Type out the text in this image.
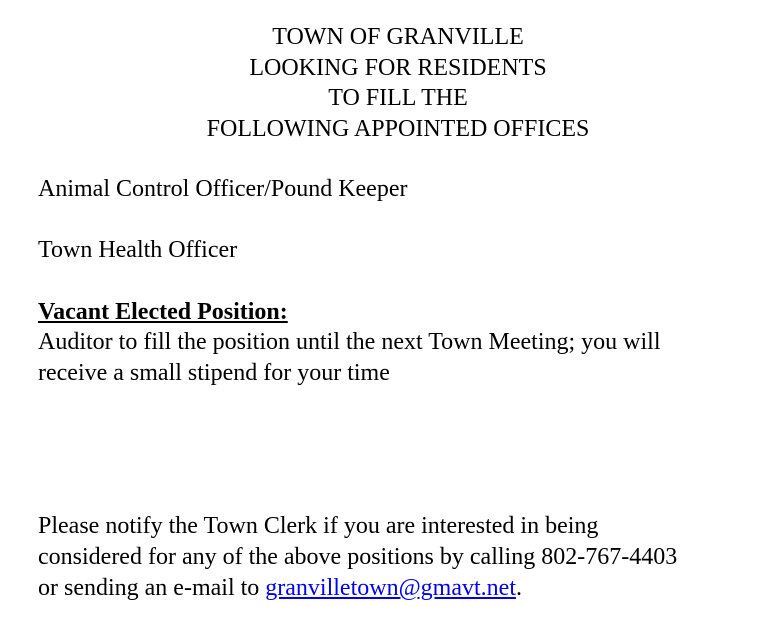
TOWN OF GRANVILLE
LOOKING FOR RESIDENTS
TO FILL THE
FOLLOWING APPOINTED OFFICES
Animal Control Officer/Pound Keeper
Town Health Officer
Vacant Elected Position:
Auditor to fill the position until the next Town Meeting; you will
receive a small stipend for your time
Please notify the Town Clerk if you are interested in being
considered for any of the above positions by calling 802-767-4403
or sending an e-mail to granvilletown@gmavt.net.
